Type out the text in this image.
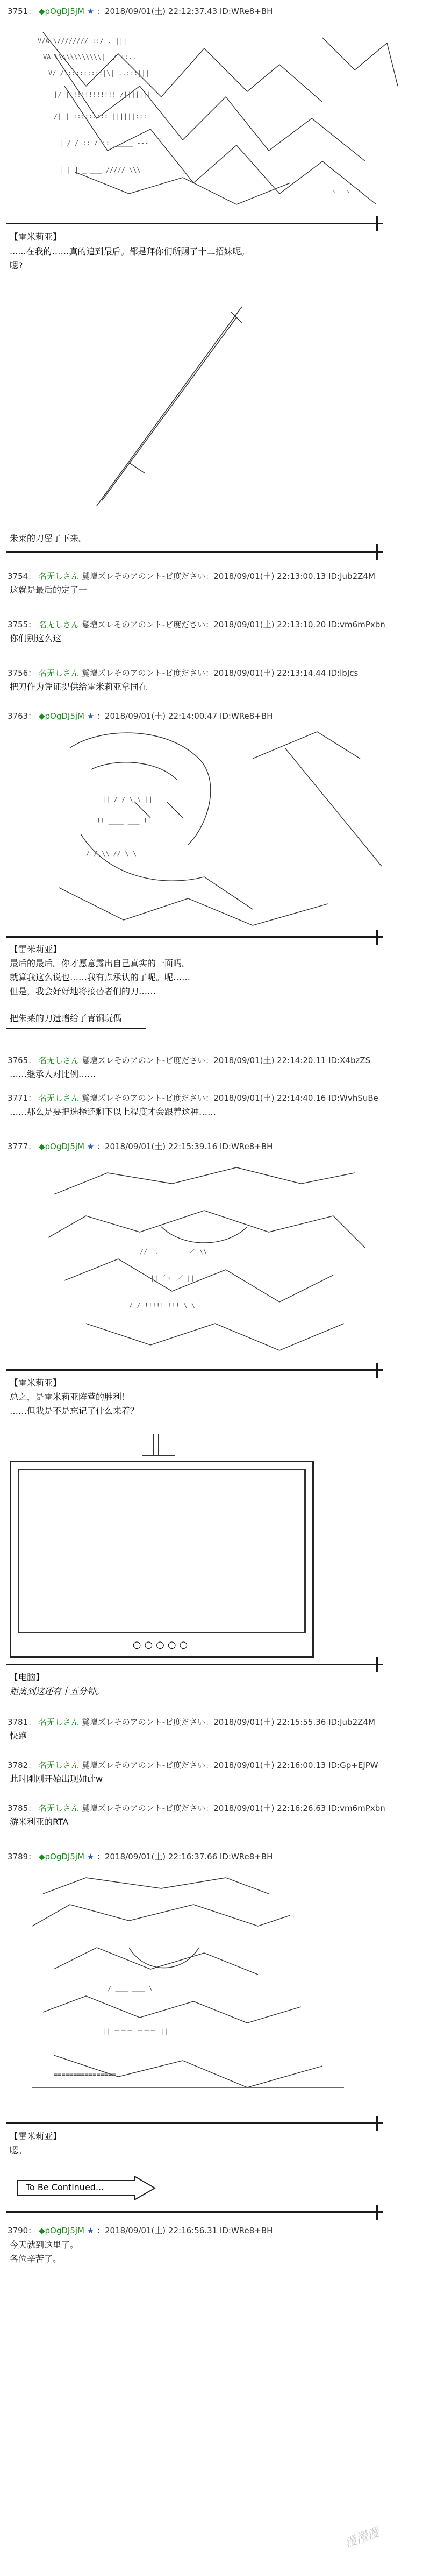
3751： ◆pOgDJ5jM ★ ：2018/09/01(土) 22:12:37.43 ID:WRe8+BH
V/A \////////|::/ . |||
VA \\\\\\\\\\\\| |/ ::..
V/ /::::::::::|\| ..:::|||
|/ |!!!!!!!!!!!! /|||||||
/| | ::::::::: ||||||:::
| / / :: / :: _____ ---
| | | _ ___ ///// \\\
--ヽ_ ヽ_
【雷米莉亚】
......在我的……真的追到最后。都是拜你们所赐了十二招妹呢。
嗯?
朱莱的刀留了下来。
3754： 名无しさん 鬘壇ズレそのアのント-ビ度ださい：2018/09/01(土) 22:13:00.13 ID:Jub2Z4M
这就是最后的定了一
3755： 名无しさん 鬘壇ズレそのアのント-ビ度ださい：2018/09/01(土) 22:13:10.20 ID:vm6mPxbn
你们别这么这
3756： 名无しさん 鬘壇ズレそのアのント-ビ度ださい：2018/09/01(土) 22:13:14.44 ID:lbJcs
把刀作为凭证提供给雷米莉亚拿同在
3763： ◆pOgDJ5jM ★ ：2018/09/01(土) 22:14:00.47 ID:WRe8+BH
|| / / \ \ ||
!! ____ ___ !!
/ / \\ // \ \
【雷米莉亚】
最后的最后。你才愿意露出自己真实的一面吗。
就算我这么说也……我有点承认的了呢。呢……
但是，我会好好地将接替者们的刀……
把朱莱的刀遗赠给了青铜玩偶
3765： 名无しさん 鬘壇ズレそのアのント-ビ度ださい：2018/09/01(土) 22:14:20.11 ID:X4bzZS
……继承人对比例……
3771： 名无しさん 鬘壇ズレそのアのント-ビ度ださい：2018/09/01(土) 22:14:40.16 ID:WvhSuBe
……那么是要把选择还剩下以上程度才会跟着这种……
3777： ◆pOgDJ5jM ★ ：2018/09/01(土) 22:15:39.16 ID:WRe8+BH
// ＼ ______ ／ \\
|| ´ヽ ／ ||
/ / !!!!! !!! \ \
【雷米莉亚】
总之，是雷米莉亚阵营的胜利！
……但我是不是忘记了什么来着？
○○○○○
【电脑】
距离到这还有十五分钟。
3781： 名无しさん 鬘壇ズレそのアのント-ビ度ださい：2018/09/01(土) 22:15:55.36 ID:Jub2Z4M
快跑
3782： 名无しさん 鬘壇ズレそのアのント-ビ度ださい：2018/09/01(土) 22:16:00.13 ID:Gp+EJPW
此时刚刚开始出现如此w
3785： 名无しさん 鬘壇ズレそのアのント-ビ度ださい：2018/09/01(土) 22:16:26.63 ID:vm6mPxbn
游米利亚的RTA
3789： ◆pOgDJ5jM ★ ：2018/09/01(土) 22:16:37.66 ID:WRe8+BH
/ ＿＿ ＿＿ \
|| ＝＝＝ ＝＝＝ ||
================
【雷米莉亚】
嗯。
To Be Continued...
3790： ◆pOgDJ5jM ★ ：2018/09/01(土) 22:16:56.31 ID:WRe8+BH
今天就到这里了。
各位辛苦了。
漫漫漫
